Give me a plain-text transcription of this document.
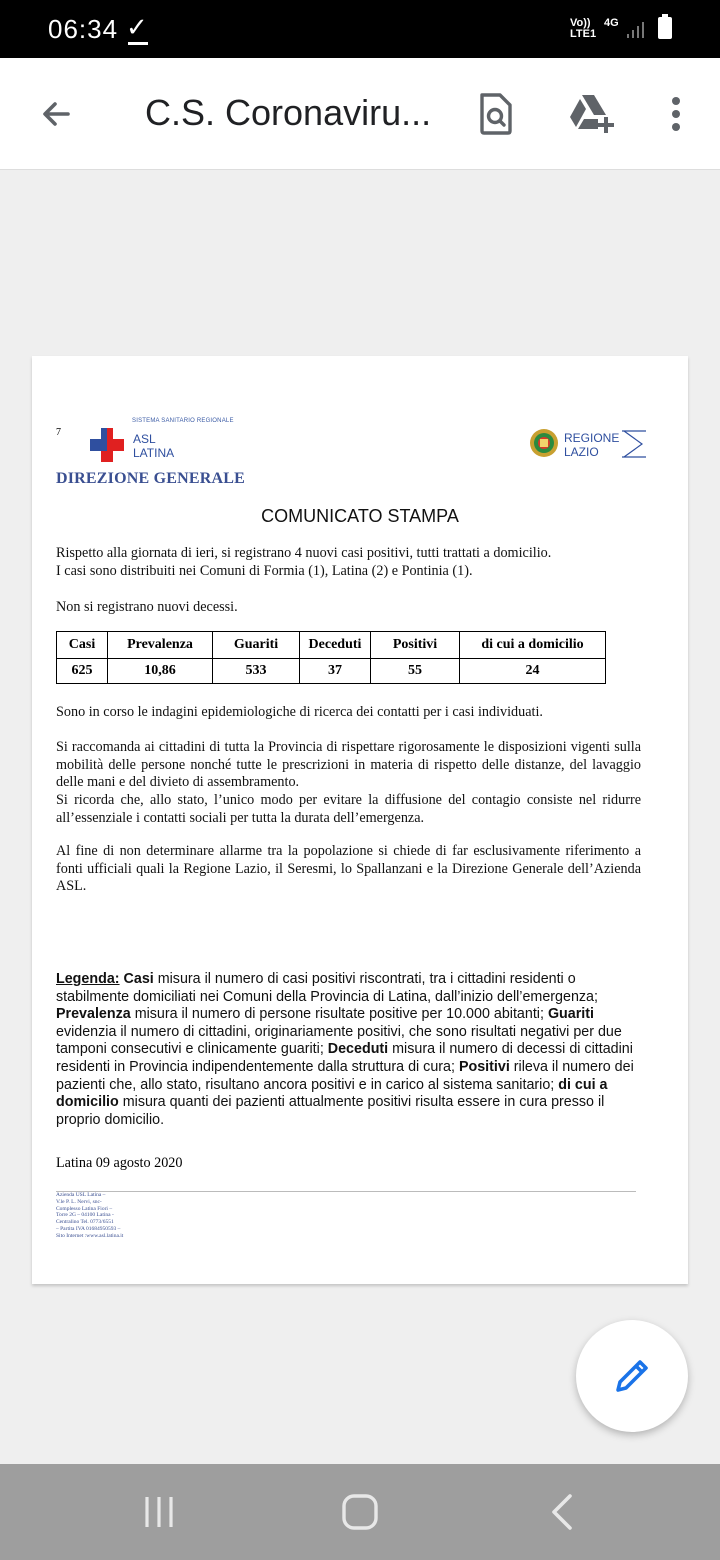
06:34 ✓	Vo))
LTE1
4G
C.S. Coronaviru...
7
SISTEMA SANITARIO REGIONALE
ASL
LATINA
REGIONE
LAZIO
DIREZIONE GENERALE
COMUNICATO STAMPA
Rispetto alla giornata di ieri, si registrano 4 nuovi casi positivi, tutti trattati a domicilio.
I casi sono distribuiti nei Comuni di Formia (1), Latina (2) e Pontinia (1).
Non si registrano nuovi decessi.
Casi	Prevalenza	Guariti	Deceduti	Positivi	di cui a domicilio
625	10,86	533	37	55	24
Sono in corso le indagini epidemiologiche di ricerca dei contatti per i casi individuati.
Si raccomanda ai cittadini di tutta la Provincia di rispettare rigorosamente le disposizioni vigenti sulla mobilità delle persone nonché tutte le prescrizioni in materia di rispetto delle distanze, del lavaggio delle mani e del divieto di assembramento.
Si ricorda che, allo stato, l’unico modo per evitare la diffusione del contagio consiste nel ridurre all’essenziale i contatti sociali per tutta la durata dell’emergenza.
Al fine di non determinare allarme tra la popolazione si chiede di far esclusivamente riferimento a fonti ufficiali quali la Regione Lazio, il Seresmi, lo Spallanzani e la Direzione Generale dell’Azienda ASL.
Legenda: Casi misura il numero di casi positivi riscontrati, tra i cittadini residenti o stabilmente domiciliati nei Comuni della Provincia di Latina, dall’inizio dell’emergenza; Prevalenza misura il numero di persone risultate positive per 10.000 abitanti; Guariti evidenzia il numero di cittadini, originariamente positivi, che sono risultati negativi per due tamponi consecutivi e clinicamente guariti; Deceduti misura il numero di decessi di cittadini residenti in Provincia indipendentemente dalla struttura di cura; Positivi rileva il numero dei pazienti che, allo stato, risultano ancora positivi e in carico al sistema sanitario; di cui a domicilio misura quanti dei pazienti attualmente positivi risulta essere in cura presso il proprio domicilio.
Latina 09 agosto 2020
Azienda USL Latina –
V.le P. L. Nervi, snc-
Complesso Latina Fiori –
Torre 2G – 04100 Latina -
Centralino Tel. 0773/6551
– Partita IVA 01684950593 –
Sito Internet :www.asl.latina.it
